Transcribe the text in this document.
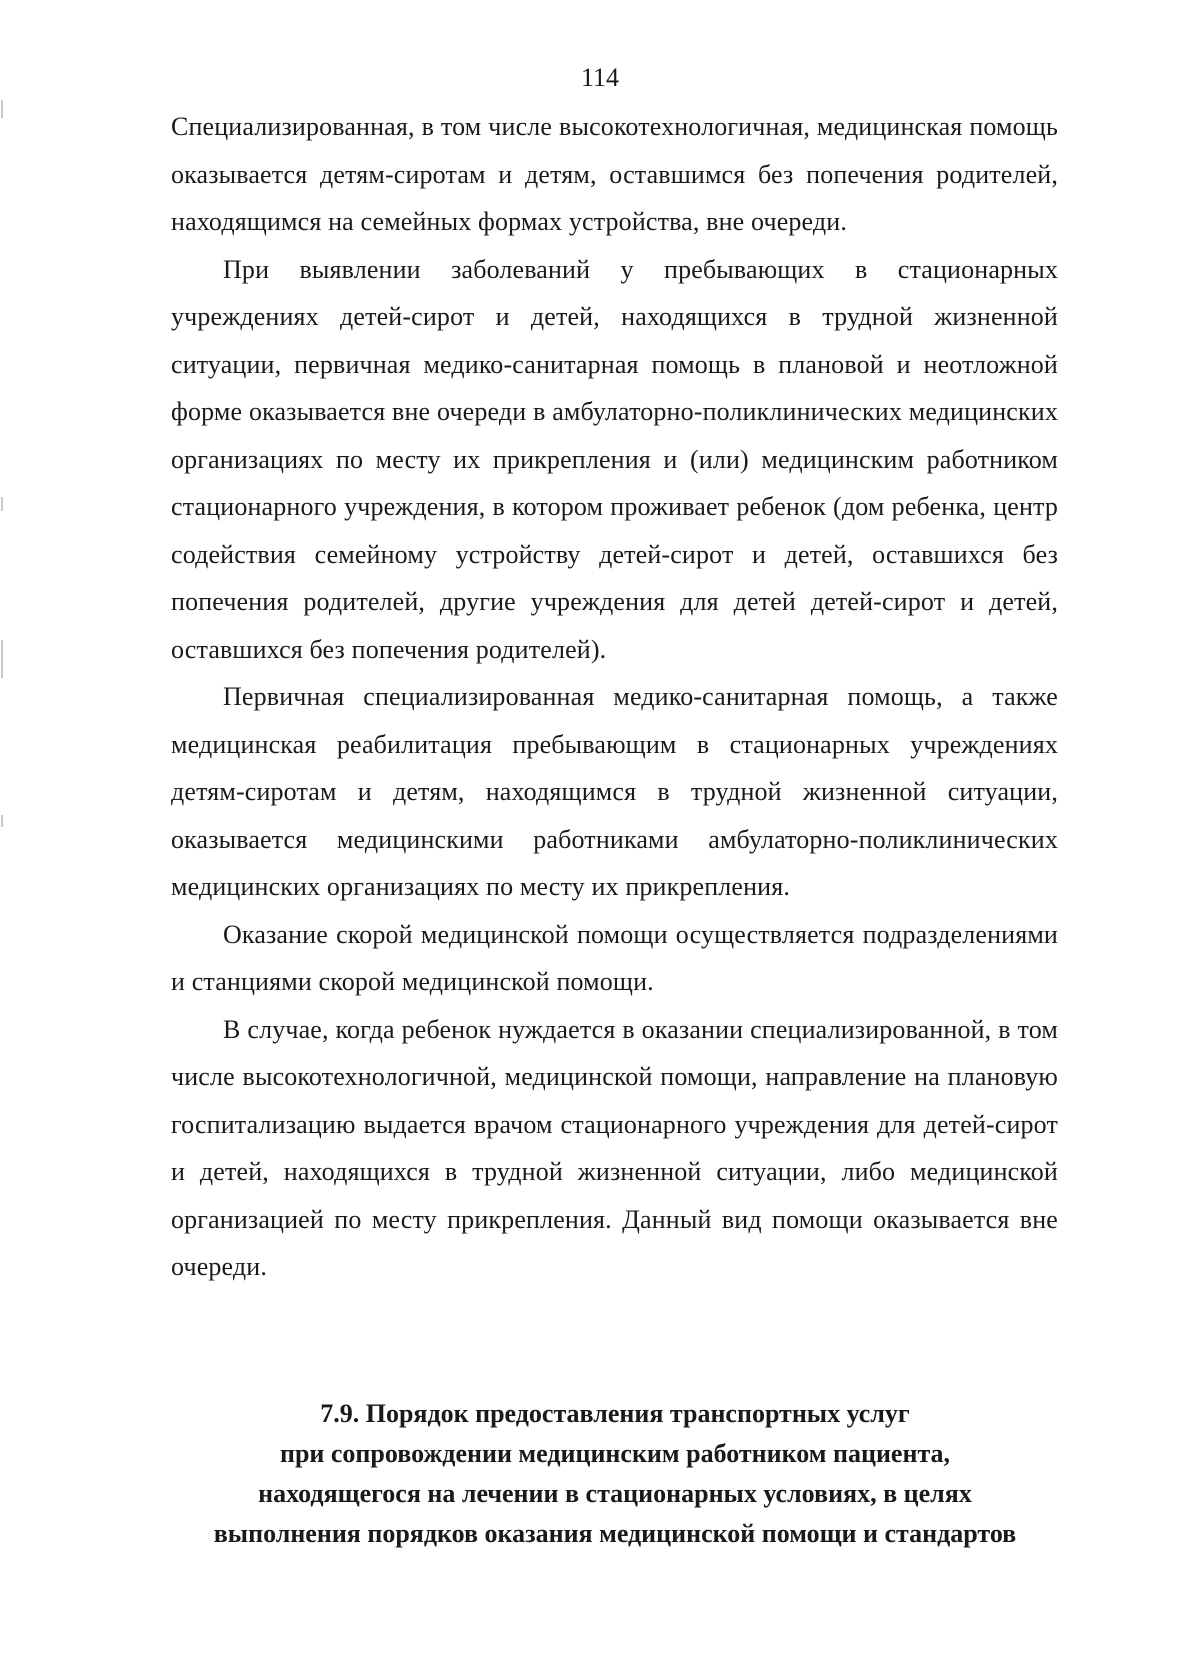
114

Специализированная, в том числе высокотехнологичная, медицинская помощь оказывается детям-сиротам и детям, оставшимся без попечения родителей, находящимся на семейных формах устройства, вне очереди.

При выявлении заболеваний у пребывающих в стационарных учреждениях детей-сирот и детей, находящихся в трудной жизненной ситуации, первичная медико-санитарная помощь в плановой и неотложной форме оказывается вне очереди в амбулаторно-поликлинических медицинских организациях по месту их прикрепления и (или) медицинским работником стационарного учреждения, в котором проживает ребенок (дом ребенка, центр содействия семейному устройству детей-сирот и детей, оставшихся без попечения родителей, другие учреждения для детей детей-сирот и детей, оставшихся без попечения родителей).

Первичная специализированная медико-санитарная помощь, а также медицинская реабилитация пребывающим в стационарных учреждениях детям-сиротам и детям, находящимся в трудной жизненной ситуации, оказывается медицинскими работниками амбулаторно-поликлинических медицинских организациях по месту их прикрепления.

Оказание скорой медицинской помощи осуществляется подразделениями и станциями скорой медицинской помощи.

В случае, когда ребенок нуждается в оказании специализированной, в том числе высокотехнологичной, медицинской помощи, направление на плановую госпитализацию выдается врачом стационарного учреждения для детей-сирот и детей, находящихся в трудной жизненной ситуации, либо медицинской организацией по месту прикрепления. Данный вид помощи оказывается вне очереди.

7.9. Порядок предоставления транспортных услуг
при сопровождении медицинским работником пациента,
находящегося на лечении в стационарных условиях, в целях
выполнения порядков оказания медицинской помощи и стандартов
